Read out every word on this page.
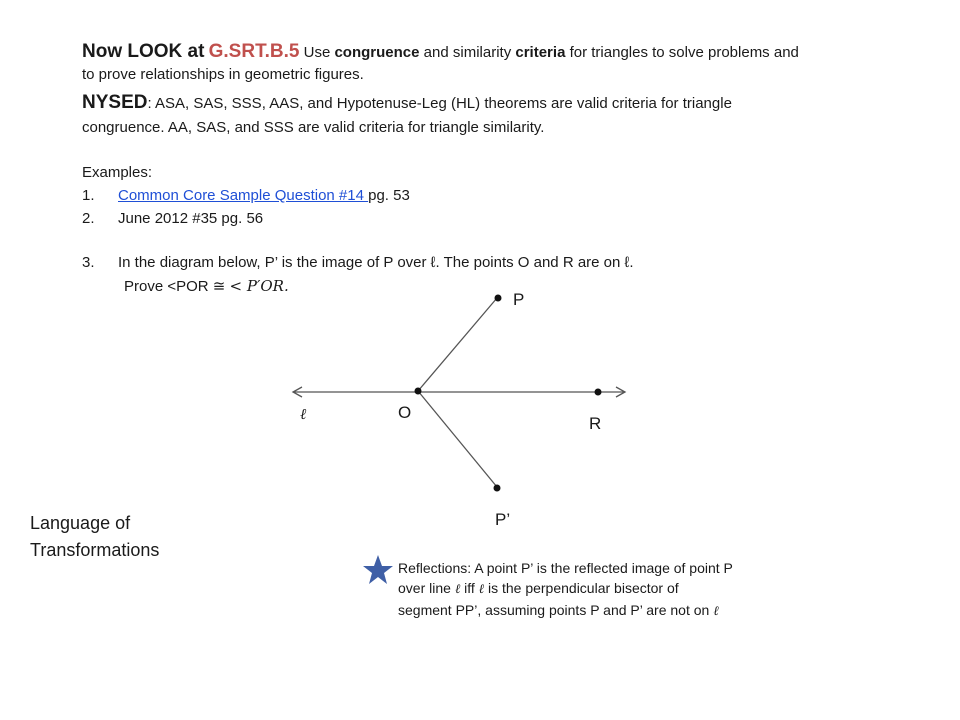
Now LOOK at G.SRT.B.5 Use congruence and similarity criteria for triangles to solve problems and
to prove relationships in geometric figures.
NYSED: ASA, SAS, SSS, AAS, and Hypotenuse-Leg (HL) theorems are valid criteria for triangle
congruence. AA, SAS, and SSS are valid criteria for triangle similarity.
Examples:
1. Common Core Sample Question #14 pg. 53
2. June 2012 #35 pg. 56
3. In the diagram below, P’ is the image of P over ℓ. The points O and R are on ℓ.
Prove <POR ≅ < P′OR.
P
O
R
P’
ℓ
Language of
Transformations
Reflections: A point P’ is the reflected image of point P
over line ℓ iff ℓ is the perpendicular bisector of
segment PP’, assuming points P and P’ are not on ℓ
